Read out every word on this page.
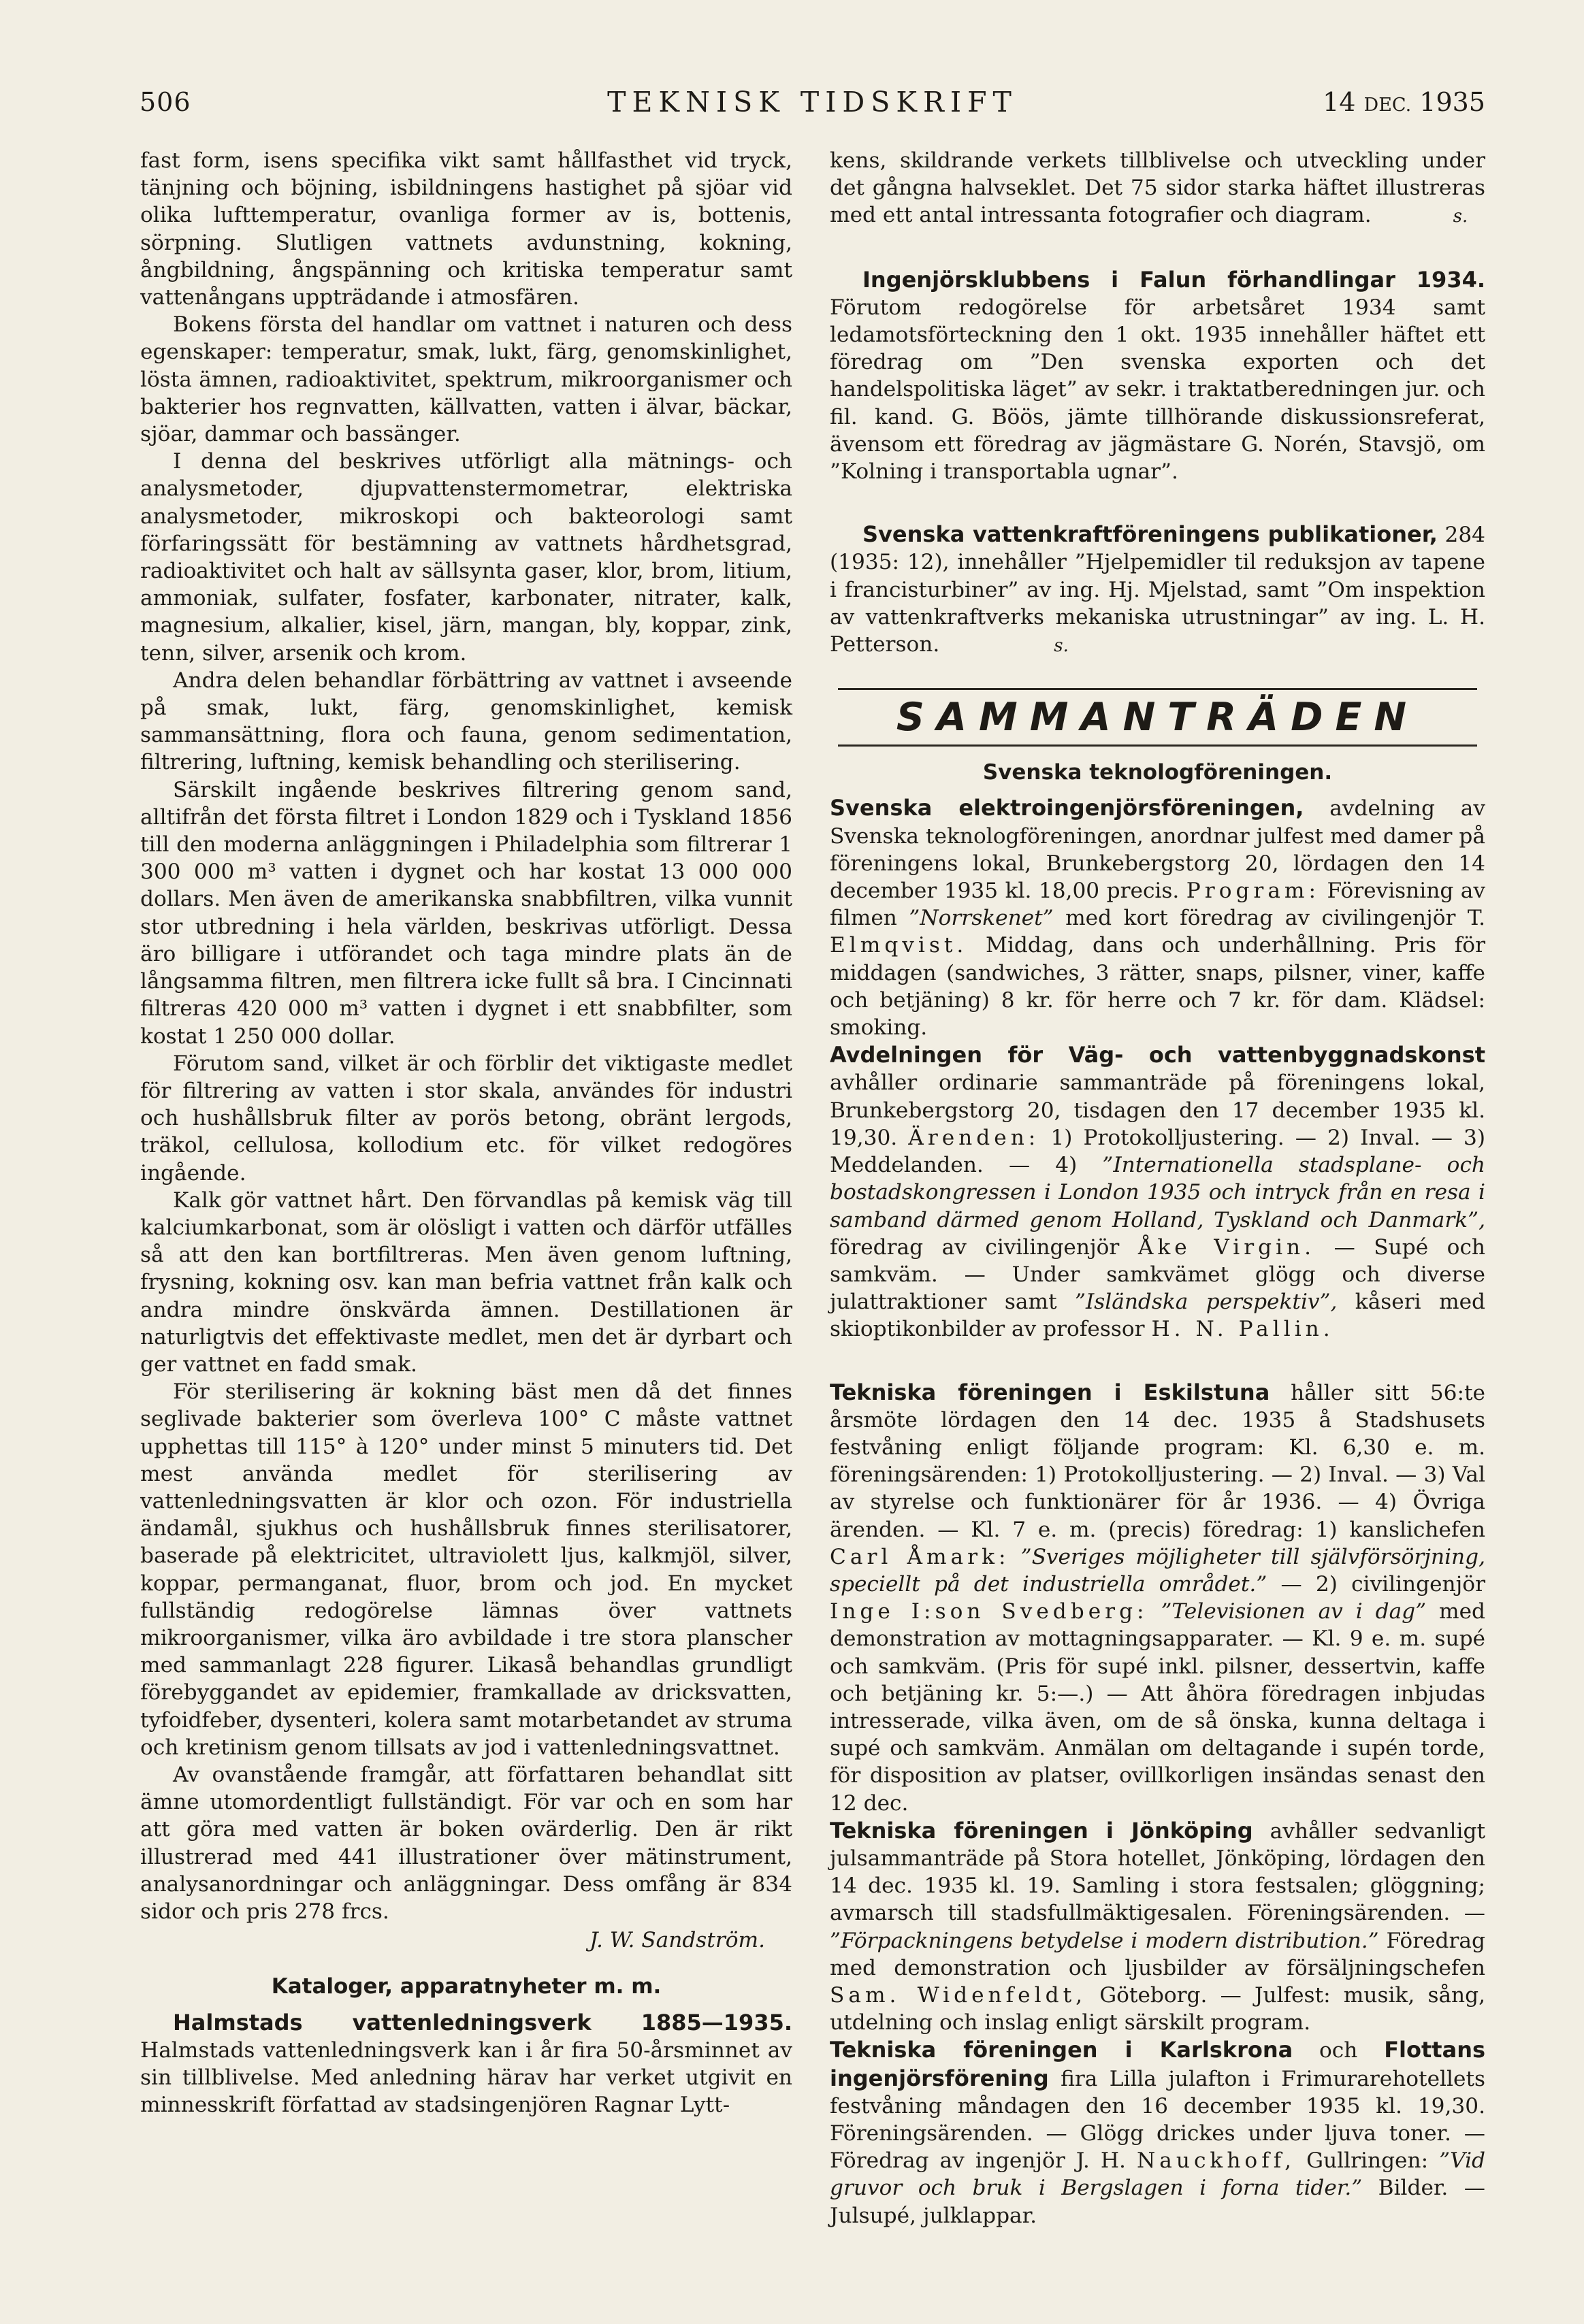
506	TEKNISK TIDSKRIFT	14 DEC. 1935

fast form, isens specifika vikt samt hållfasthet vid tryck, tänjning och böjning, isbildningens hastighet på sjöar vid olika lufttemperatur, ovanliga former av is, bottenis, sörpning. Slutligen vattnets avdunstning, kokning, ångbildning, ångspänning och kritiska temperatur samt vattenångans uppträdande i atmosfären.

Bokens första del handlar om vattnet i naturen och dess egenskaper: temperatur, smak, lukt, färg, genomskinlighet, lösta ämnen, radioaktivitet, spektrum, mikroorganismer och bakterier hos regnvatten, källvatten, vatten i älvar, bäckar, sjöar, dammar och bassänger.

I denna del beskrives utförligt alla mätnings- och analysmetoder, djupvattenstermometrar, elektriska analysmetoder, mikroskopi och bakteorologi samt förfaringssätt för bestämning av vattnets hårdhetsgrad, radioaktivitet och halt av sällsynta gaser, klor, brom, litium, ammoniak, sulfater, fosfater, karbonater, nitrater, kalk, magnesium, alkalier, kisel, järn, mangan, bly, koppar, zink, tenn, silver, arsenik och krom.

Andra delen behandlar förbättring av vattnet i avseende på smak, lukt, färg, genomskinlighet, kemisk sammansättning, flora och fauna, genom sedimentation, filtrering, luftning, kemisk behandling och sterilisering.

Särskilt ingående beskrives filtrering genom sand, alltifrån det första filtret i London 1829 och i Tyskland 1856 till den moderna anläggningen i Philadelphia som filtrerar 1 300 000 m³ vatten i dygnet och har kostat 13 000 000 dollars. Men även de amerikanska snabbfiltren, vilka vunnit stor utbredning i hela världen, beskrivas utförligt. Dessa äro billigare i utförandet och taga mindre plats än de långsamma filtren, men filtrera icke fullt så bra. I Cincinnati filtreras 420 000 m³ vatten i dygnet i ett snabbfilter, som kostat 1 250 000 dollar.

Förutom sand, vilket är och förblir det viktigaste medlet för filtrering av vatten i stor skala, användes för industri och hushållsbruk filter av porös betong, obränt lergods, träkol, cellulosa, kollodium etc. för vilket redogöres ingående.

Kalk gör vattnet hårt. Den förvandlas på kemisk väg till kalciumkarbonat, som är olösligt i vatten och därför utfälles så att den kan bortfiltreras. Men även genom luftning, frysning, kokning osv. kan man befria vattnet från kalk och andra mindre önskvärda ämnen. Destillationen är naturligtvis det effektivaste medlet, men det är dyrbart och ger vattnet en fadd smak.

För sterilisering är kokning bäst men då det finnes seglivade bakterier som överleva 100° C måste vattnet upphettas till 115° à 120° under minst 5 minuters tid. Det mest använda medlet för sterilisering av vattenledningsvatten är klor och ozon. För industriella ändamål, sjukhus och hushållsbruk finnes sterilisatorer, baserade på elektricitet, ultraviolett ljus, kalkmjöl, silver, koppar, permanganat, fluor, brom och jod. En mycket fullständig redogörelse lämnas över vattnets mikroorganismer, vilka äro avbildade i tre stora planscher med sammanlagt 228 figurer. Likaså behandlas grundligt förebyggandet av epidemier, framkallade av dricksvatten, tyfoidfeber, dysenteri, kolera samt motarbetandet av struma och kretinism genom tillsats av jod i vattenledningsvattnet.

Av ovanstående framgår, att författaren behandlat sitt ämne utomordentligt fullständigt. För var och en som har att göra med vatten är boken ovärderlig. Den är rikt illustrerad med 441 illustrationer över mätinstrument, analysanordningar och anläggningar. Dess omfång är 834 sidor och pris 278 frcs.

J. W. Sandström.

Kataloger, apparatnyheter m. m.

Halmstads vattenledningsverk 1885—1935. Halmstads vattenledningsverk kan i år fira 50-årsminnet av sin tillblivelse. Med anledning härav har verket utgivit en minnesskrift författad av stadsingenjören Ragnar Lytt-

kens, skildrande verkets tillblivelse och utveckling under det gångna halvseklet. Det 75 sidor starka häftet illustreras med ett antal intressanta fotografier och diagram.	s.

Ingenjörsklubbens i Falun förhandlingar 1934. Förutom redogörelse för arbetsåret 1934 samt ledamotsförteckning den 1 okt. 1935 innehåller häftet ett föredrag om ”Den svenska exporten och det handelspolitiska läget” av sekr. i traktatberedningen jur. och fil. kand. G. Böös, jämte tillhörande diskussionsreferat, ävensom ett föredrag av jägmästare G. Norén, Stavsjö, om ”Kolning i transportabla ugnar”.

Svenska vattenkraftföreningens publikationer, 284 (1935: 12), innehåller ”Hjelpemidler til reduksjon av tapene i francisturbiner” av ing. Hj. Mjelstad, samt ”Om inspektion av vattenkraftverks mekaniska utrustningar” av ing. L. H. Petterson.	s.

SAMMANTRÄDEN
Svenska teknologföreningen.

Svenska elektroingenjörsföreningen, avdelning av Svenska teknologföreningen, anordnar julfest med damer på föreningens lokal, Brunkebergstorg 20, lördagen den 14 december 1935 kl. 18,00 precis. Program: Förevisning av filmen ”Norrskenet” med kort föredrag av civilingenjör T. Elmqvist. Middag, dans och underhållning. Pris för middagen (sandwiches, 3 rätter, snaps, pilsner, viner, kaffe och betjäning) 8 kr. för herre och 7 kr. för dam. Klädsel: smoking.

Avdelningen för Väg- och vattenbyggnadskonst avhåller ordinarie sammanträde på föreningens lokal, Brunkebergstorg 20, tisdagen den 17 december 1935 kl. 19,30. Ärenden: 1) Protokolljustering. — 2) Inval. — 3) Meddelanden. — 4) ”Internationella stadsplane- och bostadskongressen i London 1935 och intryck från en resa i samband därmed genom Holland, Tyskland och Danmark”, föredrag av civilingenjör Åke Virgin. — Supé och samkväm. — Under samkvämet glögg och diverse julattraktioner samt ”Isländska perspektiv”, kåseri med skioptikonbilder av professor H. N. Pallin.

Tekniska föreningen i Eskilstuna håller sitt 56:te årsmöte lördagen den 14 dec. 1935 å Stadshusets festvåning enligt följande program: Kl. 6,30 e. m. föreningsärenden: 1) Protokolljustering. — 2) Inval. — 3) Val av styrelse och funktionärer för år 1936. — 4) Övriga ärenden. — Kl. 7 e. m. (precis) föredrag: 1) kanslichefen Carl Åmark: ”Sveriges möjligheter till självförsörjning, speciellt på det industriella området.” — 2) civilingenjör Inge I:son Svedberg: ”Televisionen av i dag” med demonstration av mottagningsapparater. — Kl. 9 e. m. supé och samkväm. (Pris för supé inkl. pilsner, dessertvin, kaffe och betjäning kr. 5:—.) — Att åhöra föredragen inbjudas intresserade, vilka även, om de så önska, kunna deltaga i supé och samkväm. Anmälan om deltagande i supén torde, för disposition av platser, ovillkorligen insändas senast den 12 dec.

Tekniska föreningen i Jönköping avhåller sedvanligt julsammanträde på Stora hotellet, Jönköping, lördagen den 14 dec. 1935 kl. 19. Samling i stora festsalen; glöggning; avmarsch till stadsfullmäktigesalen. Föreningsärenden. — ”Förpackningens betydelse i modern distribution.” Föredrag med demonstration och ljusbilder av försäljningschefen Sam. Widenfeldt, Göteborg. — Julfest: musik, sång, utdelning och inslag enligt särskilt program.

Tekniska föreningen i Karlskrona och Flottans ingenjörsförening fira Lilla julafton i Frimurarehotellets festvåning måndagen den 16 december 1935 kl. 19,30. Föreningsärenden. — Glögg drickes under ljuva toner. — Föredrag av ingenjör J. H. Nauckhoff, Gullringen: ”Vid gruvor och bruk i Bergslagen i forna tider.” Bilder. — Julsupé, julklappar.
